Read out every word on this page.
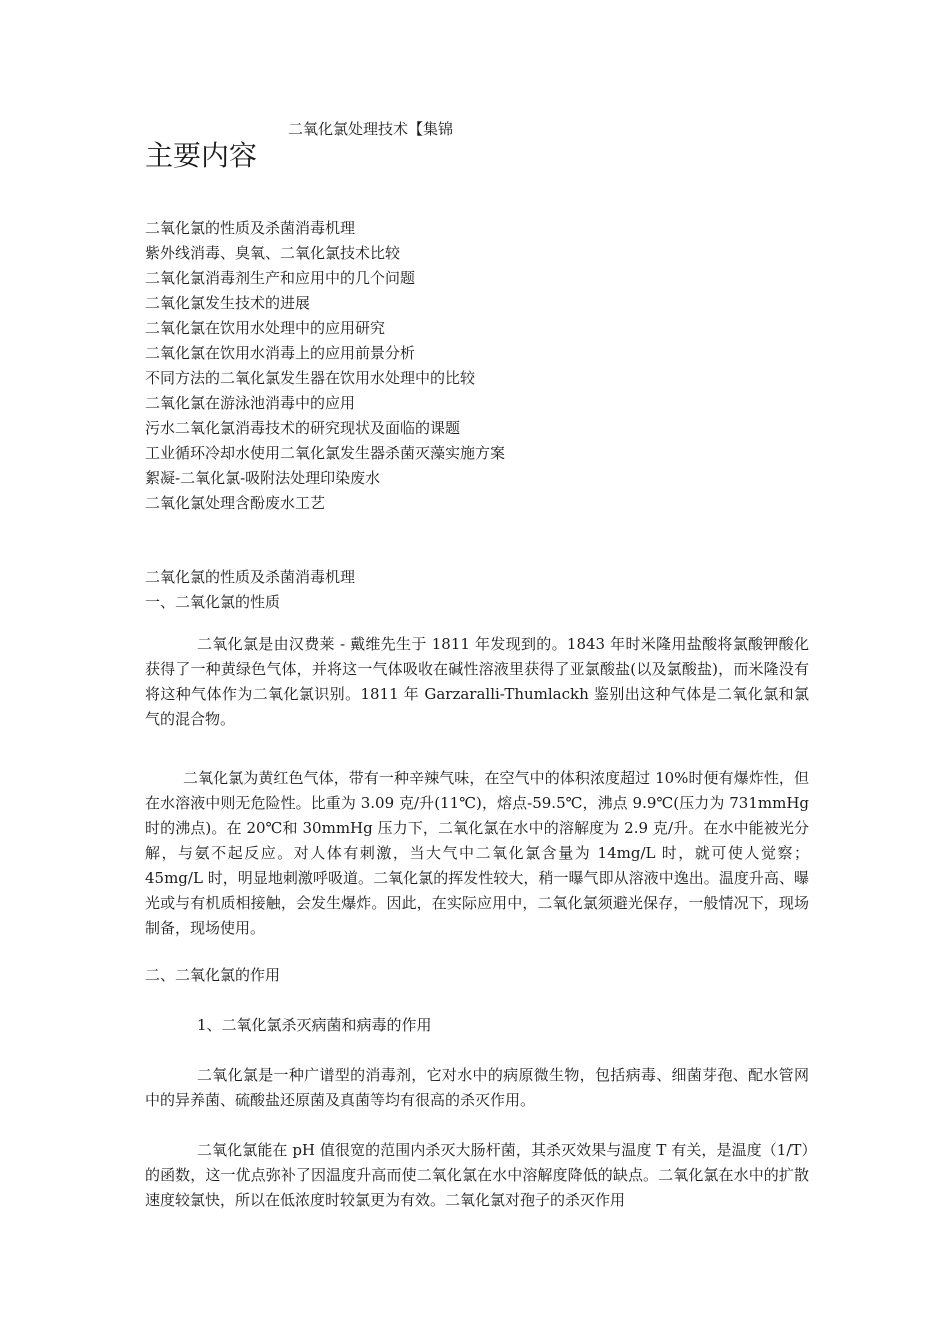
二氧化氯处理技术【集锦
主要内容
二氧化氯的性质及杀菌消毒机理
紫外线消毒、臭氧、二氧化氯技术比较
二氧化氯消毒剂生产和应用中的几个问题
二氧化氯发生技术的进展
二氧化氯在饮用水处理中的应用研究
二氧化氯在饮用水消毒上的应用前景分析
不同方法的二氧化氯发生器在饮用水处理中的比较
二氧化氯在游泳池消毒中的应用
污水二氧化氯消毒技术的研究现状及面临的课题
工业循环冷却水使用二氧化氯发生器杀菌灭藻实施方案
絮凝-二氧化氯-吸附法处理印染废水
二氧化氯处理含酚废水工艺
二氧化氯的性质及杀菌消毒机理
一、二氧化氯的性质

二氧化氯是由汉费莱 - 戴维先生于 1811 年发现到的。1843 年时米隆用盐酸将氯酸钾酸化获得了一种黄绿色气体，并将这一气体吸收在碱性溶液里获得了亚氯酸盐(以及氯酸盐)，而米隆没有将这种气体作为二氧化氯识别。1811 年 Garzaralli-Thumlackh 鉴别出这种气体是二氧化氯和氯气的混合物。

二氧化氯为黄红色气体，带有一种辛辣气味，在空气中的体积浓度超过 10%时便有爆炸性，但在水溶液中则无危险性。比重为 3.09 克/升(11℃)，熔点-59.5℃，沸点 9.9℃(压力为 731mmHg 时的沸点)。在 20℃和 30mmHg 压力下，二氧化氯在水中的溶解度为 2.9 克/升。在水中能被光分解，与氨不起反应。对人体有刺激，当大气中二氧化氯含量为 14mg/L 时，就可使人觉察；45mg/L 时，明显地刺激呼吸道。二氧化氯的挥发性较大，稍一曝气即从溶液中逸出。温度升高、曝光或与有机质相接触，会发生爆炸。因此，在实际应用中，二氧化氯须避光保存，一般情况下，现场制备，现场使用。

二、二氧化氯的作用
1、二氧化氯杀灭病菌和病毒的作用

二氧化氯是一种广谱型的消毒剂，它对水中的病原微生物，包括病毒、细菌芽孢、配水管网中的异养菌、硫酸盐还原菌及真菌等均有很高的杀灭作用。

二氧化氯能在 pH 值很宽的范围内杀灭大肠杆菌，其杀灭效果与温度 T 有关，是温度（1/T）的函数，这一优点弥补了因温度升高而使二氧化氯在水中溶解度降低的缺点。二氧化氯在水中的扩散速度较氯快，所以在低浓度时较氯更为有效。二氧化氯对孢子的杀灭作用
